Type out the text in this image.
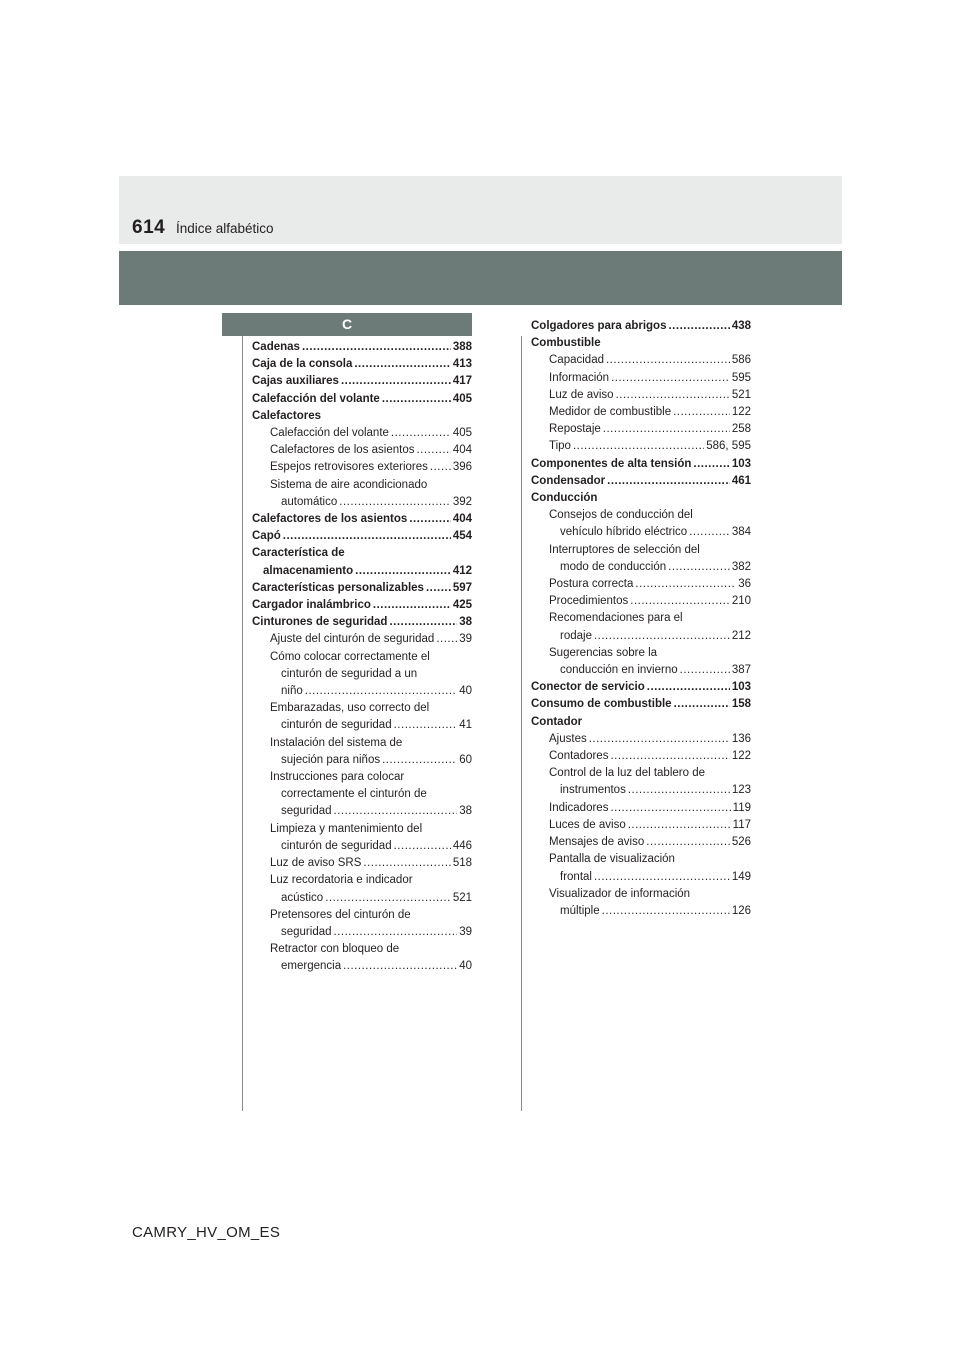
614 Índice alfabético
C
Cadenas .....	388
Caja de la consola .....	413
Cajas auxiliares .....	417
Calefacción del volante .....	405
Calefactores
Calefacción del volante .....	405
Calefactores de los asientos .....	404
Espejos retrovisores exteriores ..... 396
Sistema de aire acondicionado
automático .....	392
Calefactores de los asientos .....	404
Capó .....	454
Característica de
almacenamiento .....	412
Características personalizables .....	597
Cargador inalámbrico .....	425
Cinturones de seguridad .....	38
Ajuste del cinturón de seguridad ..... 39
Cómo colocar correctamente el
cinturón de seguridad a un
niño .....	40
Embarazadas, uso correcto del
cinturón de seguridad .....	41
Instalación del sistema de
sujeción para niños .....	60
Instrucciones para colocar
correctamente el cinturón de
seguridad .....	38
Limpieza y mantenimiento del
cinturón de seguridad .....	446
Luz de aviso SRS .....	518
Luz recordatoria e indicador
acústico .....	521
Pretensores del cinturón de
seguridad .....	39
Retractor con bloqueo de
emergencia .....	40
Colgadores para abrigos .....	438
Combustible
Capacidad .....	586
Información .....	595
Luz de aviso .....	521
Medidor de combustible .....	122
Repostaje .....	258
Tipo .....	586, 595
Componentes de alta tensión .....	103
Condensador .....	461
Conducción
Consejos de conducción del
vehículo híbrido eléctrico .....	384
Interruptores de selección del
modo de conducción .....	382
Postura correcta .....	36
Procedimientos .....	210
Recomendaciones para el
rodaje .....	212
Sugerencias sobre la
conducción en invierno .....	387
Conector de servicio .....	103
Consumo de combustible .....	158
Contador
Ajustes .....	136
Contadores .....	122
Control de la luz del tablero de
instrumentos .....	123
Indicadores .....	119
Luces de aviso .....	117
Mensajes de aviso .....	526
Pantalla de visualización
frontal .....	149
Visualizador de información
múltiple .....	126
CAMRY_HV_OM_ES
